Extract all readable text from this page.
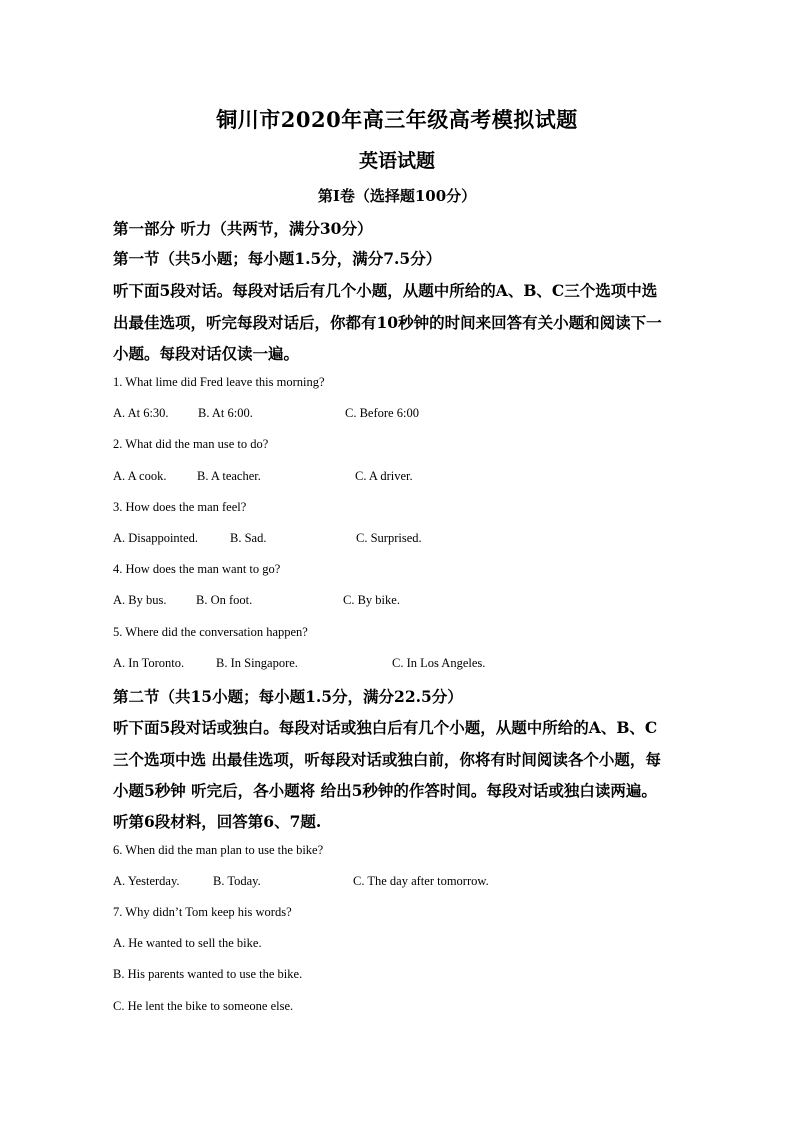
铜川市2020年高三年级高考模拟试题
英语试题
第Ⅰ卷（选择题100分）
第一部分 听力（共两节，满分30分）
第一节（共5小题；每小题1.5分，满分7.5分）
听下面5段对话。每段对话后有几个小题，从题中所给的A、B、C三个选项中选
出最佳选项，听完每段对话后，你都有10秒钟的时间来回答有关小题和阅读下一
小题。每段对话仅读一遍。
1. What lime did Fred leave this morning?
A. At 6:30. B. At 6:00.	C. Before 6:00
2. What did the man use to do?
A. A cook. B. A teacher.	C. A driver.
3. How does the man feel?
A. Disappointed.	B. Sad.	C. Surprised.
4. How does the man want to go?
A. By bus. B. On foot.	C. By bike.
5. Where did the conversation happen?
A. In Toronto.	B. In Singapore.	C. In Los Angeles.
第二节（共15小题；每小题1.5分，满分22.5分）
听下面5段对话或独白。每段对话或独白后有几个小题，从题中所给的A、B、C
三个选项中选 出最佳选项，听每段对话或独白前，你将有时间阅读各个小题，每
小题5秒钟 听完后，各小题将 给出5秒钟的作答时间。每段对话或独白读两遍。
听第6段材料，回答第6、7题.
6. When did the man plan to use the bike?
A. Yesterday.	B. Today.	C. The day after tomorrow.
7. Why didn’t Tom keep his words?
A. He wanted to sell the bike.
B. His parents wanted to use the bike.
C. He lent the bike to someone else.
